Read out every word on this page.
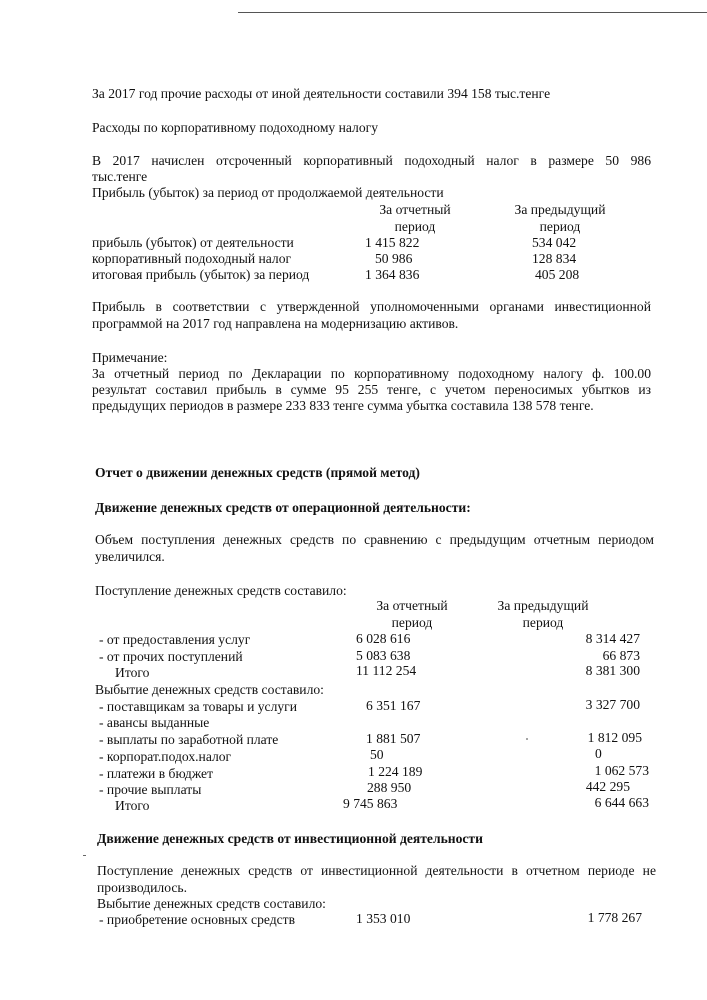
За 2017 год прочие расходы от иной деятельности составили 394 158 тыс.тенге
Расходы по корпоративному подоходному налогу
В 2017 начислен отсроченный корпоративный подоходный налог в размере 50 986
тыс.тенге
Прибыль (убыток) за период от продолжаемой деятельности
За отчетный
период
За предыдущий
период
прибыль (убыток) от деятельности	1 415 822	534 042
корпоративный подоходный налог	50 986	128 834
итоговая прибыль (убыток) за период	1 364 836	405 208
Прибыль в соответствии с утвержденной уполномоченными органами инвестиционной
программой на 2017 год направлена на модернизацию активов.
Примечание:
За отчетный период по Декларации по корпоративному подоходному налогу ф. 100.00
результат составил прибыль в сумме 95 255 тенге, с учетом переносимых убытков из
предыдущих периодов в размере 233 833 тенге сумма убытка составила 138 578 тенге.
Отчет о движении денежных средств (прямой метод)
Движение денежных средств от операционной деятельности:
Объем поступления денежных средств по сравнению с предыдущим отчетным периодом
увеличился.
Поступление денежных средств составило:
За отчетный
период
За предыдущий
период
- от предоставления услуг	6 028 616	8 314 427
- от прочих поступлений	5 083 638	66 873
Итого	11 112 254	8 381 300
Выбытие денежных средств составило:
- поставщикам за товары и услуги	6 351 167	3 327 700
- авансы выданные
- выплаты по заработной плате	1 881 507	1 812 095
- корпорат.подох.налог	50	0
- платежи в бюджет	1 224 189	1 062 573
- прочие выплаты	288 950	442 295
Итого	9 745 863	6 644 663
Движение денежных средств от инвестиционной деятельности
Поступление денежных средств от инвестиционной деятельности в отчетном периоде не
производилось.
Выбытие денежных средств составило:
- приобретение основных средств	1 353 010	1 778 267
